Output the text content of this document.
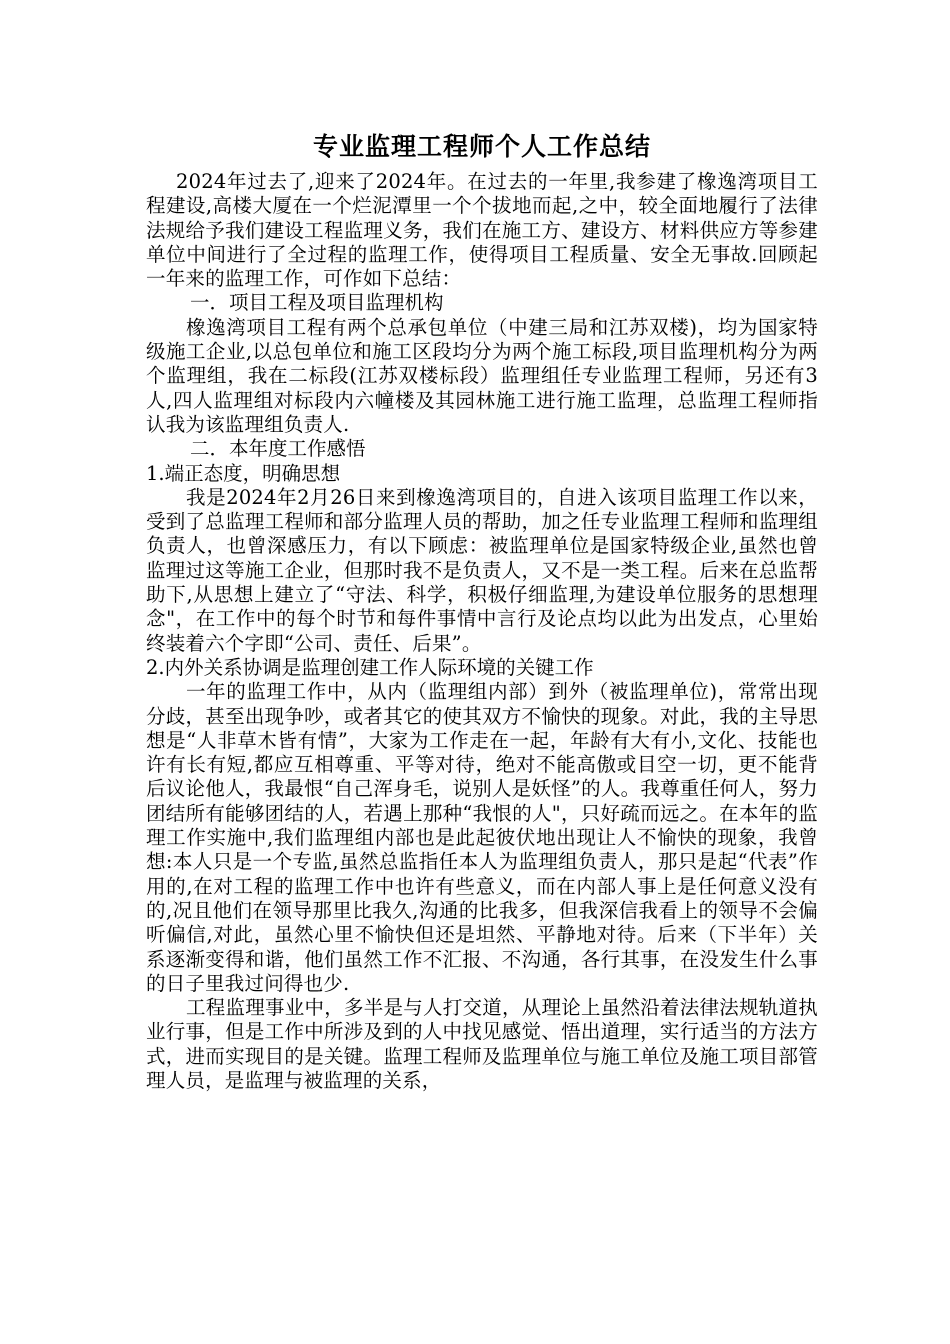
专业监理工程师个人工作总结

2024年过去了,迎来了2024年。在过去的一年里,我参建了橡逸湾项目工程建设,高楼大厦在一个烂泥潭里一个个拔地而起,之中，较全面地履行了法律法规给予我们建设工程监理义务，我们在施工方、建设方、材料供应方等参建单位中间进行了全过程的监理工作，使得项目工程质量、安全无事故.回顾起一年来的监理工作，可作如下总结：

一．项目工程及项目监理机构

橡逸湾项目工程有两个总承包单位（中建三局和江苏双楼)，均为国家特级施工企业,以总包单位和施工区段均分为两个施工标段,项目监理机构分为两个监理组，我在二标段(江苏双楼标段）监理组任专业监理工程师，另还有3人,四人监理组对标段内六幢楼及其园林施工进行施工监理，总监理工程师指认我为该监理组负责人.

二．本年度工作感悟

1.端正态度，明确思想

我是2024年2月26日来到橡逸湾项目的，自进入该项目监理工作以来，受到了总监理工程师和部分监理人员的帮助，加之任专业监理工程师和监理组负责人，也曾深感压力，有以下顾虑：被监理单位是国家特级企业,虽然也曾监理过这等施工企业，但那时我不是负责人，又不是一类工程。后来在总监帮助下,从思想上建立了“守法、科学，积极仔细监理,为建设单位服务的思想理念"，在工作中的每个时节和每件事情中言行及论点均以此为出发点，心里始终装着六个字即“公司、责任、后果”。

2.内外关系协调是监理创建工作人际环境的关键工作

一年的监理工作中，从内（监理组内部）到外（被监理单位)，常常出现分歧，甚至出现争吵，或者其它的使其双方不愉快的现象。对此，我的主导思想是“人非草木皆有情”，大家为工作走在一起，年龄有大有小,文化、技能也许有长有短,都应互相尊重、平等对待，绝对不能高傲或目空一切，更不能背后议论他人，我最恨“自己浑身毛，说别人是妖怪”的人。我尊重任何人，努力团结所有能够团结的人，若遇上那种“我恨的人"，只好疏而远之。在本年的监理工作实施中,我们监理组内部也是此起彼伏地出现让人不愉快的现象，我曾想:本人只是一个专监,虽然总监指任本人为监理组负责人，那只是起“代表”作用的,在对工程的监理工作中也许有些意义，而在内部人事上是任何意义没有的,况且他们在领导那里比我久,沟通的比我多，但我深信我看上的领导不会偏听偏信,对此，虽然心里不愉快但还是坦然、平静地对待。后来（下半年）关系逐渐变得和谐，他们虽然工作不汇报、不沟通，各行其事，在没发生什么事的日子里我过问得也少.

工程监理事业中，多半是与人打交道，从理论上虽然沿着法律法规轨道执业行事，但是工作中所涉及到的人中找见感觉、悟出道理，实行适当的方法方式，进而实现目的是关键。监理工程师及监理单位与施工单位及施工项目部管理人员，是监理与被监理的关系，
